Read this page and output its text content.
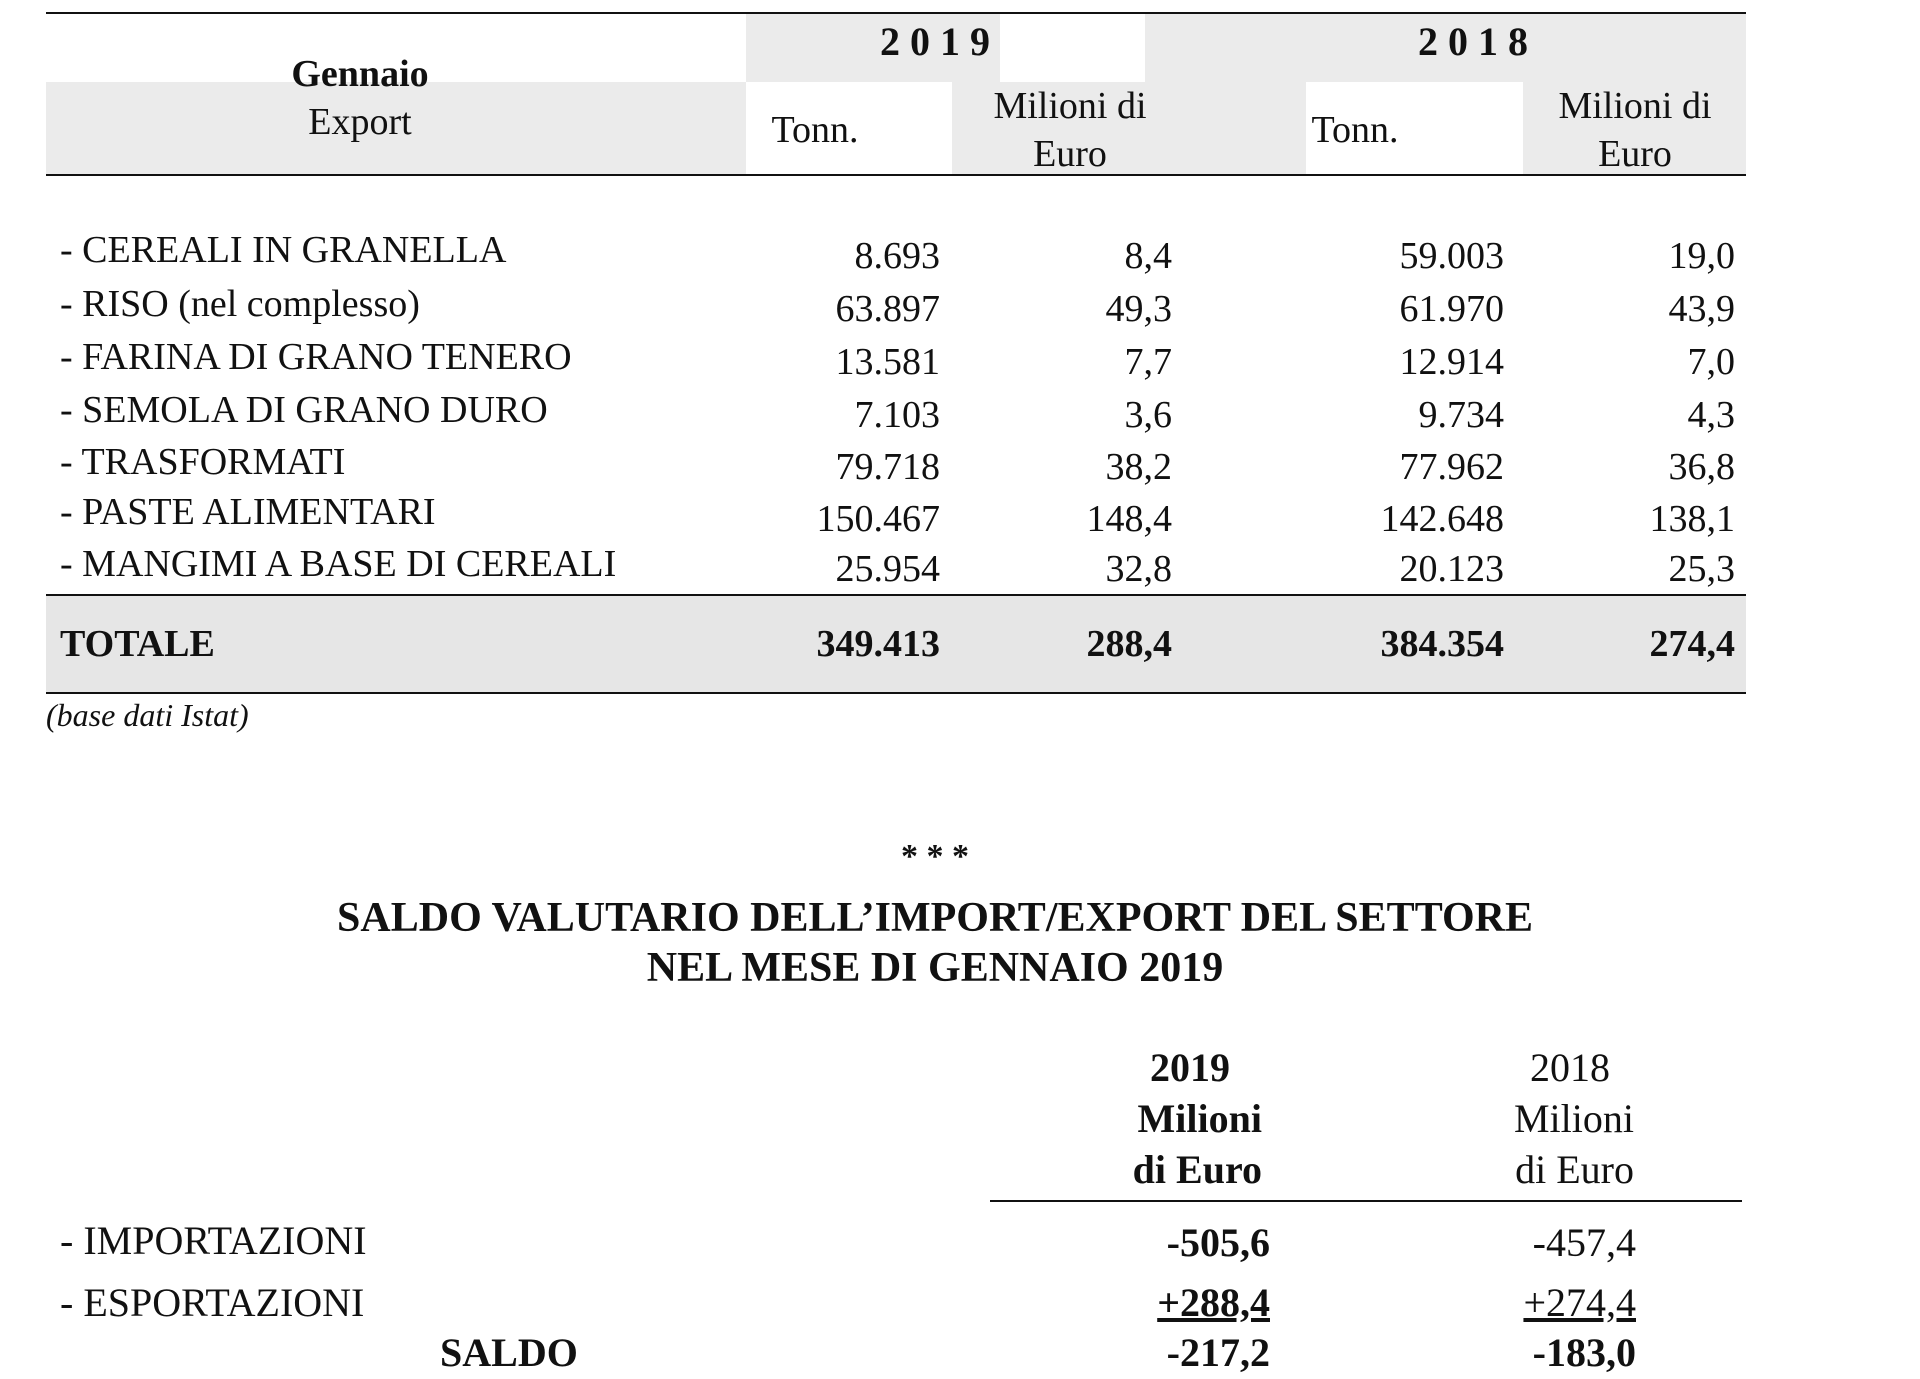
Gennaio
Export
2019	2018
Tonn.
Milioni di
Euro
Tonn.
Milioni di
Euro
- CEREALI IN GRANELLA	8.693	8,4	59.003	19,0
- RISO (nel complesso)	63.897	49,3	61.970	43,9
- FARINA DI GRANO TENERO	13.581	7,7	12.914	7,0
- SEMOLA DI GRANO DURO	7.103	3,6	9.734	4,3
- TRASFORMATI	79.718	38,2	77.962	36,8
- PASTE ALIMENTARI	150.467	148,4	142.648	138,1
- MANGIMI A BASE DI CEREALI	25.954	32,8	20.123	25,3
TOTALE	349.413	288,4	384.354	274,4
(base dati Istat)
* * *
SALDO VALUTARIO DELL’IMPORT/EXPORT DEL SETTORE
NEL MESE DI GENNAIO 2019
2019
Milioni
di Euro
2018
Milioni
di Euro
- IMPORTAZIONI	-505,6	-457,4
- ESPORTAZIONI	+288,4	+274,4
SALDO	-217,2	-183,0
